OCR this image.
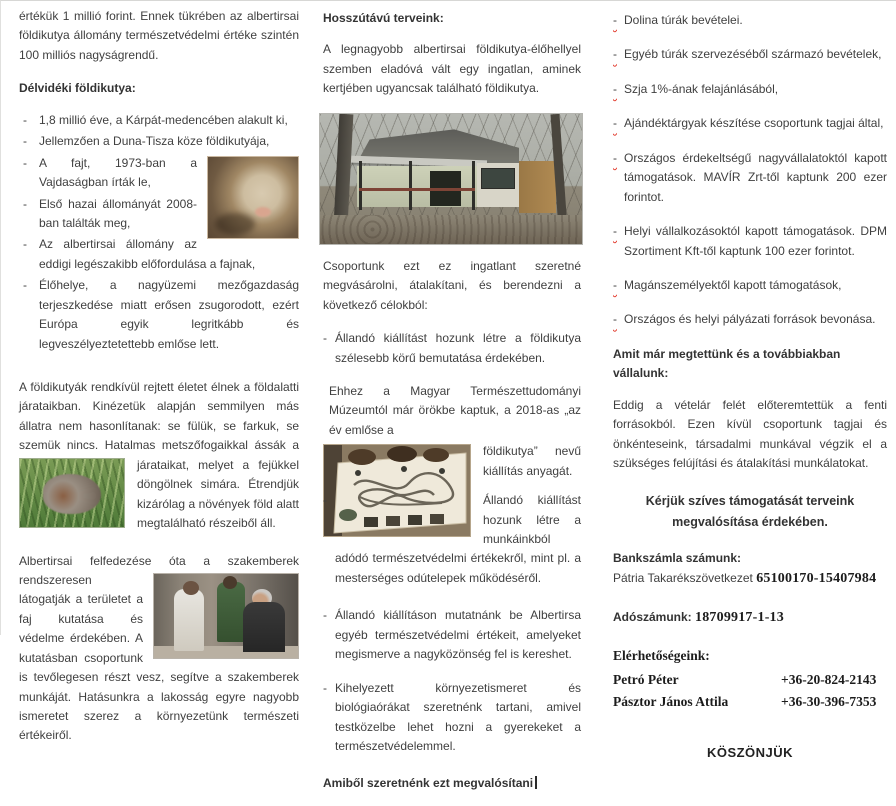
értékük 1 millió forint. Ennek tükrében az albertirsai földikutya állomány természetvédelmi értéke szintén 100 milliós nagyságrendű.

Délvidéki földikutya:
- 1,8 millió éve, a Kárpát-medencében alakult ki,
- Jellemzően a Duna-Tisza köze földikutyája,
- A fajt, 1973-ban a Vajdaságban írták le,
- Első hazai állományát 2008-ban találták meg,
- Az albertirsai állomány az eddigi legészakibb előfordulása a fajnak,
- Élőhelye, a nagyüzemi mezőgazdaság terjeszkedése miatt erősen zsugorodott, ezért Európa egyik legritkább és legveszélyeztetettebb emlőse lett.

A földikutyák rendkívül rejtett életet élnek a földalatti járataikban. Kinézetük alapján semmilyen más állatra nem hasonlítanak: se fülük, se farkuk, se szemük nincs. Hatalmas metszőfogaikkal ássák a járataikat, melyet a fejükkel döngölnek simára. Étrendjük kizárólag a növények föld alatt megtalálható részeiből áll.

Albertirsai felfedezése óta a szakemberek rendszeresen
látogatják a területet a faj kutatása és védelme érdekében. A kutatásban csoportunk is tevőlegesen részt vesz, segítve a szakemberek munkáját. Hatásunkra a lakosság egyre nagyobb ismeretet szerez a környezetünk természeti értékeiről.

Hosszútávú terveink:

A legnagyobb albertirsai földikutya-élőhellyel szemben eladóvá vált egy ingatlan, aminek kertjében ugyancsak található földikutya.

Csoportunk ezt ez ingatlant szeretné megvásárolni, átalakítani, és berendezni a következő célokból:

- Állandó kiállítást hozunk létre a földikutya szélesebb körű bemutatása érdekében.

Ehhez a Magyar Természettudományi Múzeumtól már örökbe kaptuk, a 2018-as „az év emlőse a

földikutya” nevű kiállítás anyagát.

-	Állandó kiállítást hozunk létre a munkáinkból adódó természetvédelmi értékekről, mint pl. a mesterséges odútelepek működéséről.
- Állandó kiállításon mutatnánk be Albertirsa egyéb természetvédelmi értékeit, amelyeket megismerve a nagyközönség fel is kereshet.
- Kihelyezett környezetismeret és biológiaórákat szeretnénk tartani, amivel testközelbe lehet hozni a gyerekeket a természetvédelemmel.
Amiből szeretnénk ezt megvalósítani
- Dolina túrák bevételei.
- Egyéb túrák szervezéséből származó bevételek,
- Szja 1%-ának felajánlásából,
- Ajándéktárgyak készítése csoportunk tagjai által,
- Országos érdekeltségű nagyvállalatoktól kapott támogatások. MAVÍR Zrt-től kaptunk 200 ezer forintot.
- Helyi vállalkozásoktól kapott támogatások. DPM Szortiment Kft-től kaptunk 100 ezer forintot.
- Magánszemélyektől kapott támogatások,
- Országos és helyi pályázati források bevonása.
Amit már megtettünk és a továbbiakban vállalunk:

Eddig a vételár felét előteremtettük a fenti forrásokból. Ezen kívül csoportunk tagjai és önkénteseink, társadalmi munkával végzik el a szükséges felújítási és átalakítási munkálatokat.

Kérjük szíves támogatását terveink megvalósítása érdekében.

Bankszámla számunk:

Pátria Takarékszövetkezet 65100170-15407984

Adószámunk: 18709917-1-13

Elérhetőségeink:

Petró Péter	+36-20-824-2143
Pásztor János Attila	+36-30-396-7353

KÖSZÖNJÜK
